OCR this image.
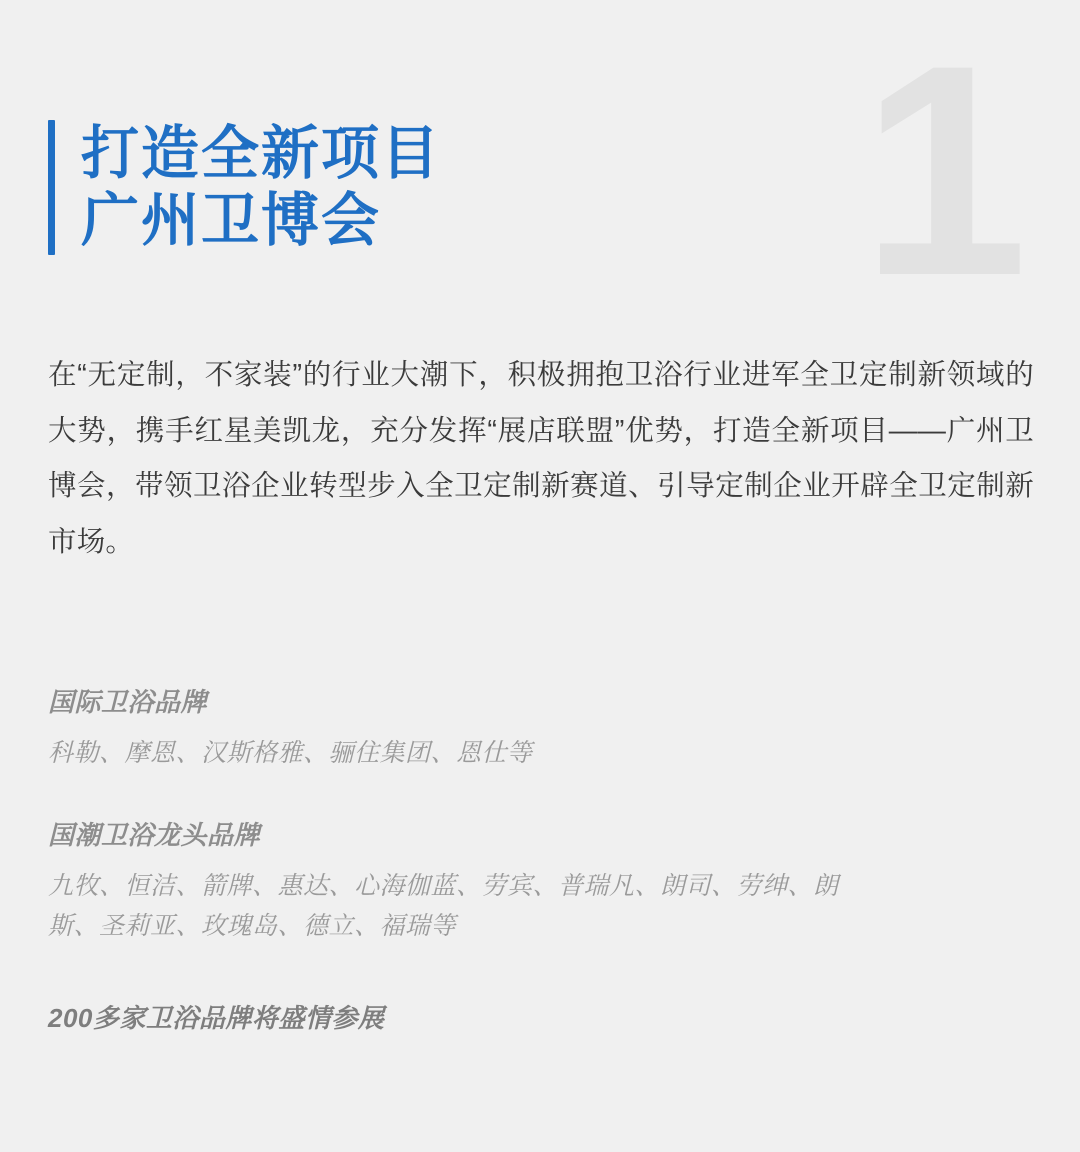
1
打造全新项目
广州卫博会
在“无定制，不家装”的行业大潮下，积极拥抱卫浴行业进军全卫定制新领域的大势，携手红星美凯龙，充分发挥“展店联盟”优势，打造全新项目——广州卫博会，带领卫浴企业转型步入全卫定制新赛道、引导定制企业开辟全卫定制新市场。
国际卫浴品牌
科勒、摩恩、汉斯格雅、骊住集团、恩仕等
国潮卫浴龙头品牌
九牧、恒洁、箭牌、惠达、心海伽蓝、劳宾、普瑞凡、朗司、劳绅、朗斯、圣莉亚、玫瑰岛、德立、福瑞等
200多家卫浴品牌将盛情参展
